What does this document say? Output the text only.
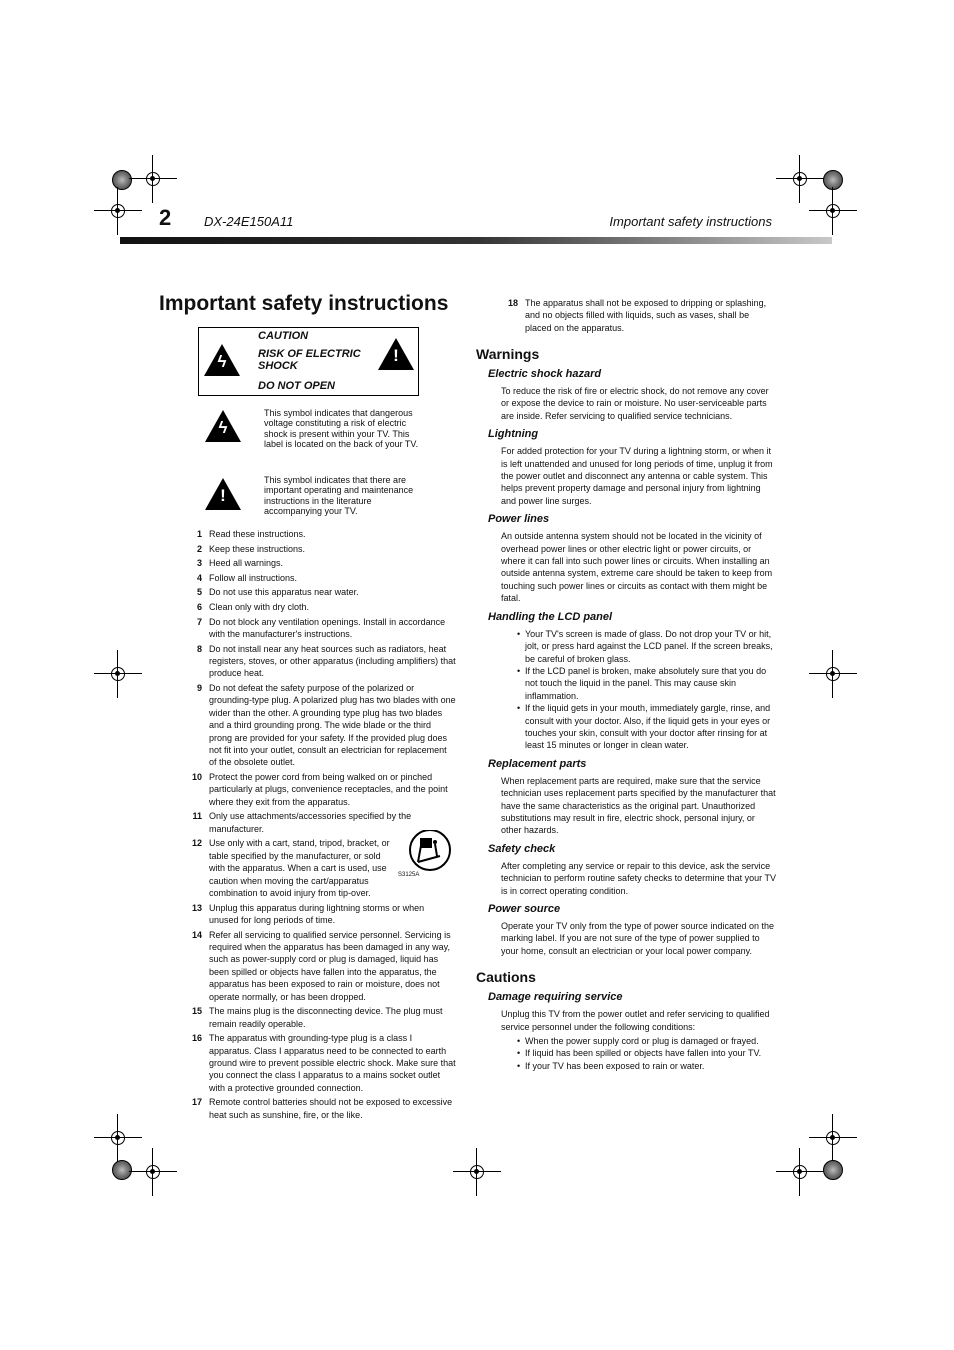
2	DX-24E150A11	Important safety instructions
Important safety instructions
ϟ
CAUTION
RISK OF ELECTRIC SHOCK
DO NOT OPEN
!
ϟ
This symbol indicates that dangerous voltage constituting a risk of electric shock is present within your TV. This label is located on the back of your TV.
!
This symbol indicates that there are important operating and maintenance instructions in the literature accompanying your TV.
1 Read these instructions.
2 Keep these instructions.
3 Heed all warnings.
4 Follow all instructions.
5 Do not use this apparatus near water.
6 Clean only with dry cloth.
7 Do not block any ventilation openings. Install in accordance with the manufacturer's instructions.
8 Do not install near any heat sources such as radiators, heat registers, stoves, or other apparatus (including amplifiers) that produce heat.
9 Do not defeat the safety purpose of the polarized or grounding-type plug. A polarized plug has two blades with one wider than the other. A grounding type plug has two blades and a third grounding prong. The wide blade or the third prong are provided for your safety. If the provided plug does not fit into your outlet, consult an electrician for replacement of the obsolete outlet.
10 Protect the power cord from being walked on or pinched particularly at plugs, convenience receptacles, and the point where they exit from the apparatus.
11 Only use attachments/accessories specified by the manufacturer.
12 Use only with a cart, stand, tripod, bracket, or table specified by the manufacturer, or sold with the apparatus. When a cart is used, use caution when moving the cart/apparatus combination to avoid injury from tip-over.
13 Unplug this apparatus during lightning storms or when unused for long periods of time.
14 Refer all servicing to qualified service personnel. Servicing is required when the apparatus has been damaged in any way, such as power-supply cord or plug is damaged, liquid has been spilled or objects have fallen into the apparatus, the apparatus has been exposed to rain or moisture, does not operate normally, or has been dropped.
15 The mains plug is the disconnecting device. The plug must remain readily operable.
16 The apparatus with grounding-type plug is a class I apparatus. Class I apparatus need to be connected to earth ground wire to prevent possible electric shock. Make sure that you connect the class I apparatus to a mains socket outlet with a protective grounded connection.
17 Remote control batteries should not be exposed to excessive heat such as sunshine, fire, or the like.
S3125A
18 The apparatus shall not be exposed to dripping or splashing, and no objects filled with liquids, such as vases, shall be placed on the apparatus.
Warnings
Electric shock hazard
To reduce the risk of fire or electric shock, do not remove any cover or expose the device to rain or moisture. No user-serviceable parts are inside. Refer servicing to qualified service technicians.
Lightning
For added protection for your TV during a lightning storm, or when it is left unattended and unused for long periods of time, unplug it from the power outlet and disconnect any antenna or cable system. This helps prevent property damage and personal injury from lightning and power line surges.
Power lines
An outside antenna system should not be located in the vicinity of overhead power lines or other electric light or power circuits, or where it can fall into such power lines or circuits. When installing an outside antenna system, extreme care should be taken to keep from touching such power lines or circuits as contact with them might be fatal.
Handling the LCD panel
• Your TV's screen is made of glass. Do not drop your TV or hit, jolt, or press hard against the LCD panel. If the screen breaks, be careful of broken glass.
• If the LCD panel is broken, make absolutely sure that you do not touch the liquid in the panel. This may cause skin inflammation.
• If the liquid gets in your mouth, immediately gargle, rinse, and consult with your doctor. Also, if the liquid gets in your eyes or touches your skin, consult with your doctor after rinsing for at least 15 minutes or longer in clean water.
Replacement parts
When replacement parts are required, make sure that the service technician uses replacement parts specified by the manufacturer that have the same characteristics as the original part. Unauthorized substitutions may result in fire, electric shock, personal injury, or other hazards.
Safety check
After completing any service or repair to this device, ask the service technician to perform routine safety checks to determine that your TV is in correct operating condition.
Power source
Operate your TV only from the type of power source indicated on the marking label. If you are not sure of the type of power supplied to your home, consult an electrician or your local power company.
Cautions
Damage requiring service
Unplug this TV from the power outlet and refer servicing to qualified service personnel under the following conditions:
• When the power supply cord or plug is damaged or frayed.
• If liquid has been spilled or objects have fallen into your TV.
• If your TV has been exposed to rain or water.
